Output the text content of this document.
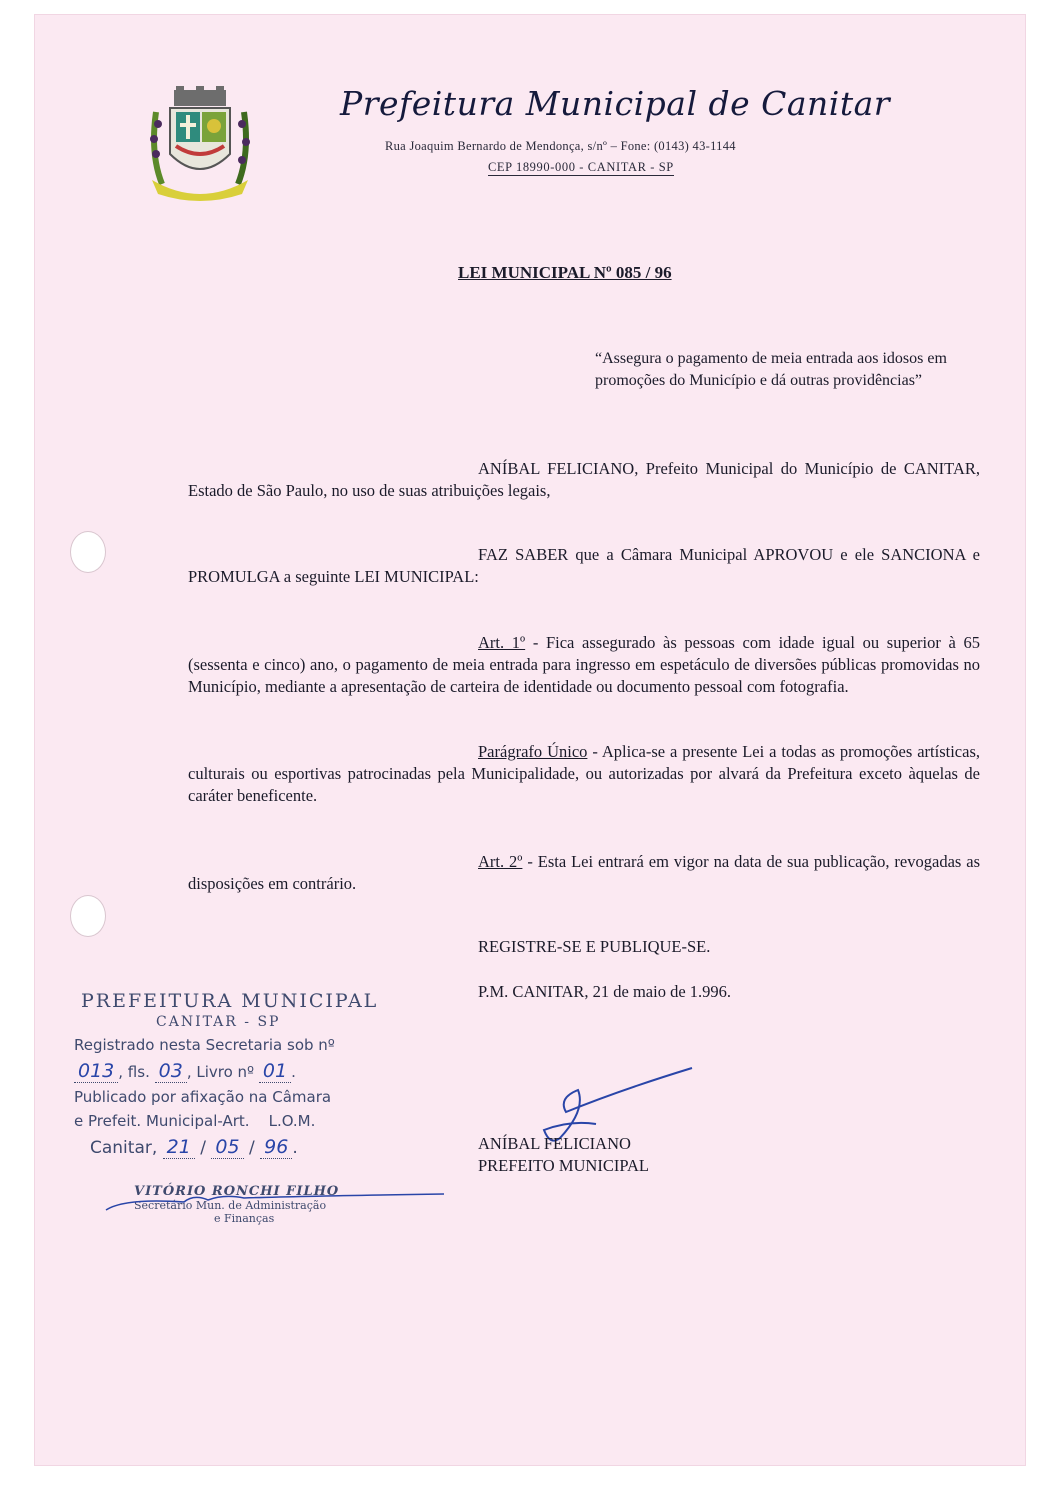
Prefeitura Municipal de Canitar
Rua Joaquim Bernardo de Mendonça, s/nº – Fone: (0143) 43-1144
CEP 18990-000 - CANITAR - SP
LEI MUNICIPAL Nº 085 / 96
“Assegura o pagamento de meia entrada aos idosos em promoções do Município e dá outras providências”
ANÍBAL FELICIANO, Prefeito Municipal do Município de CANITAR, Estado de São Paulo, no uso de suas atribuições legais,
FAZ SABER que a Câmara Municipal APROVOU e ele SANCIONA e PROMULGA a seguinte LEI MUNICIPAL:
Art. 1º - Fica assegurado às pessoas com idade igual ou superior à 65 (sessenta e cinco) ano, o pagamento de meia entrada para ingresso em espetáculo de diversões públicas promovidas no Município, mediante a apresentação de carteira de identidade ou documento pessoal com fotografia.
Parágrafo Único - Aplica-se a presente Lei a todas as promoções artísticas, culturais ou esportivas patrocinadas pela Municipalidade, ou autorizadas por alvará da Prefeitura exceto àquelas de caráter beneficente.
Art. 2º - Esta Lei entrará em vigor na data de sua publicação, revogadas as disposições em contrário.
REGISTRE-SE E PUBLIQUE-SE.
P.M. CANITAR, 21 de maio de 1.996.
ANÍBAL FELICIANO
PREFEITO MUNICIPAL
PREFEITURA MUNICIPAL
CANITAR - SP
Registrado nesta Secretaria sob nº
013 , fls. 03 , Livro nº 01 .
Publicado por afixação na Câmara
e Prefeit. Municipal-Art.    L.O.M.
Canitar, 21 / 05 / 96 .
VITÓRIO RONCHI FILHO
Secretário Mun. de Administração
e Finanças
